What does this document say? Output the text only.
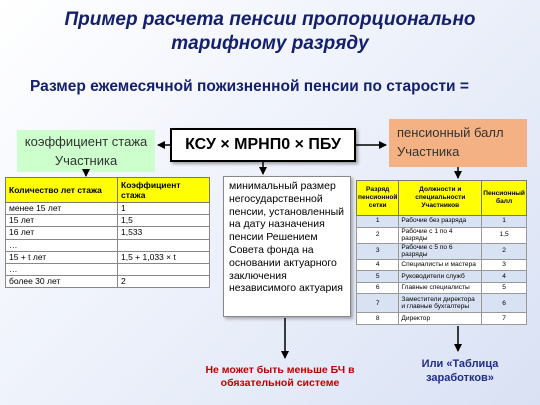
Пример расчета пенсии пропорционально тарифному разряду
Размер ежемесячной пожизненной пенсии по старости =
коэффициент стажа Участника
КСУ × МРНП0 × ПБУ
пенсионный балл Участника
Количество лет стажа	Коэффициент стажа
менее 15 лет	1
15 лет	1,5
16 лет	1,533
…	
15 + t лет	1,5 + 1,033 × t
…	
более 30 лет	2
минимальный размер негосударственной пенсии, установленный на дату назначения пенсии Решением Совета фонда на основании актуарного заключения независимого актуария
Разряд пенсионной сетки	Должности и специальности Участников	Пенсионный балл
1	Рабочие без разряда	1
2	Рабочие с 1 по 4 разряды	1,5
3	Рабочие с 5 по 6 разряды	2
4	Специалисты и мастера	3
5	Руководители служб	4
6	Главные специалисты	5
7	Заместители директора и главные бухгалтеры	6
8	Директор	7
Не может быть меньше БЧ в обязательной системе
Или «Таблица заработков»
